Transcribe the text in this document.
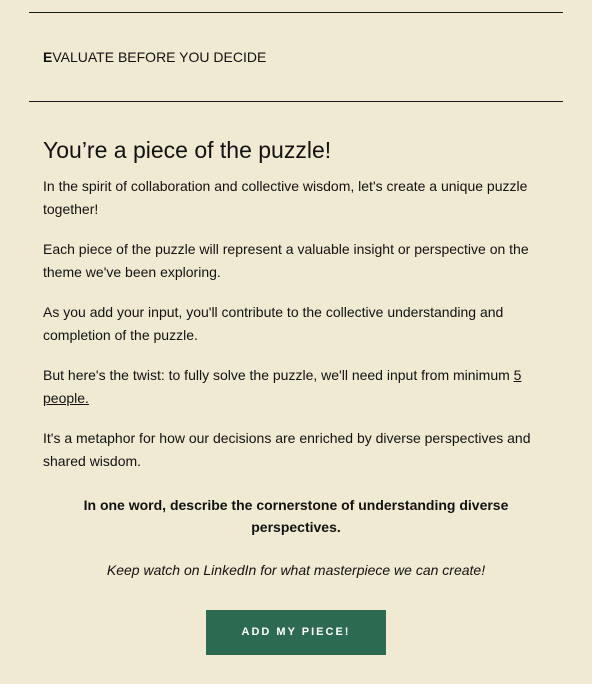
EVALUATE BEFORE YOU DECIDE
You’re a piece of the puzzle!

In the spirit of collaboration and collective wisdom, let's create a unique puzzle together!

Each piece of the puzzle will represent a valuable insight or perspective on the theme we've been exploring.

As you add your input, you'll contribute to the collective understanding and completion of the puzzle.

But here's the twist: to fully solve the puzzle, we'll need input from minimum 5 people.

It's a metaphor for how our decisions are enriched by diverse perspectives and shared wisdom.

In one word, describe the cornerstone of understanding diverse perspectives.
Keep watch on LinkedIn for what masterpiece we can create!
ADD MY PIECE!
